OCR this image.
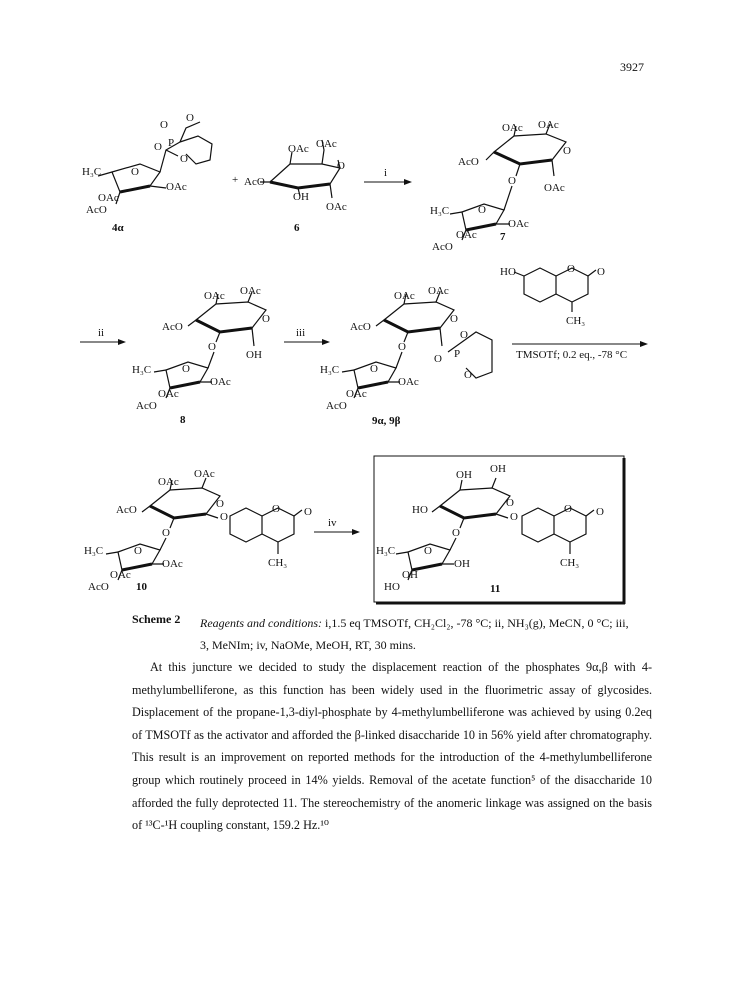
3927
O
P
O
O
O
O
H₃C
OAc
OAc
AcO
4α
+
OAc OAc
O
AcO
OH
OAc
6
i
OAc OAc
O
AcO
O
OAc
O
H₃C
OAc
OAc
AcO
7
ii
OAc OAc
O
AcO
O
OH
O
H₃C
OAc
OAc
AcO
8
iii
OAc OAc
O
AcO
O
O P
O
O
O
H₃C
OAc
OAc
AcO
9α, 9β
HO	O O
CH₃
TMSOTf; 0.2 eq., -78 °C
OAc
OAc
O
AcO
O
O
O O
CH₃
O
H₃C
OAc
OAc
AcO 10
iv
OH OH
O
HO
O
O
O O
CH₃
O
H₃C
OH
OH
HO	11
Scheme 2 Reagents and conditions: i,1.5 eq TMSOTf, CH₂Cl₂, -78 °C; ii, NH₃(g), MeCN, 0 °C; iii, 3, MeNIm; iv, NaOMe, MeOH, RT, 30 mins.
At this juncture we decided to study the displacement reaction of the phosphates 9α,β with 4-methylumbelliferone, as this function has been widely used in the fluorimetric assay of glycosides. Displacement of the propane-1,3-diyl-phosphate by 4-methylumbelliferone was achieved by using 0.2eq of TMSOTf as the activator and afforded the β-linked disaccharide 10 in 56% yield after chromatography. This result is an improvement on reported methods for the introduction of the 4-methylumbelliferone group which routinely proceed in 14% yields. Removal of the acetate function⁵ of the disaccharide 10 afforded the fully deprotected 11. The stereochemistry of the anomeric linkage was assigned on the basis of ¹³C-¹H coupling constant, 159.2 Hz.¹⁰
